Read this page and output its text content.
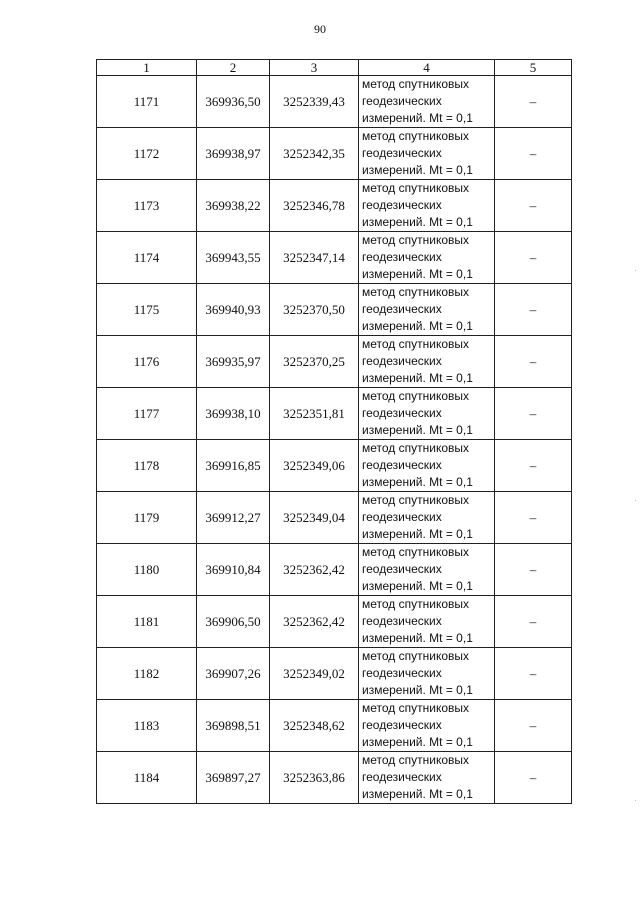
90
1	2	3	4	5
1171	369936,50	3252339,43	метод спутниковых
геодезических
измерений. Mt = 0,1	–
1172	369938,97	3252342,35	метод спутниковых
геодезических
измерений. Mt = 0,1	–
1173	369938,22	3252346,78	метод спутниковых
геодезических
измерений. Mt = 0,1	–
1174	369943,55	3252347,14	метод спутниковых
геодезических
измерений. Mt = 0,1	–
1175	369940,93	3252370,50	метод спутниковых
геодезических
измерений. Mt = 0,1	–
1176	369935,97	3252370,25	метод спутниковых
геодезических
измерений. Mt = 0,1	–
1177	369938,10	3252351,81	метод спутниковых
геодезических
измерений. Mt = 0,1	–
1178	369916,85	3252349,06	метод спутниковых
геодезических
измерений. Mt = 0,1	–
1179	369912,27	3252349,04	метод спутниковых
геодезических
измерений. Mt = 0,1	–
1180	369910,84	3252362,42	метод спутниковых
геодезических
измерений. Mt = 0,1	–
1181	369906,50	3252362,42	метод спутниковых
геодезических
измерений. Mt = 0,1	–
1182	369907,26	3252349,02	метод спутниковых
геодезических
измерений. Mt = 0,1	–
1183	369898,51	3252348,62	метод спутниковых
геодезических
измерений. Mt = 0,1	–
1184	369897,27	3252363,86	метод спутниковых
геодезических
измерений. Mt = 0,1	–
